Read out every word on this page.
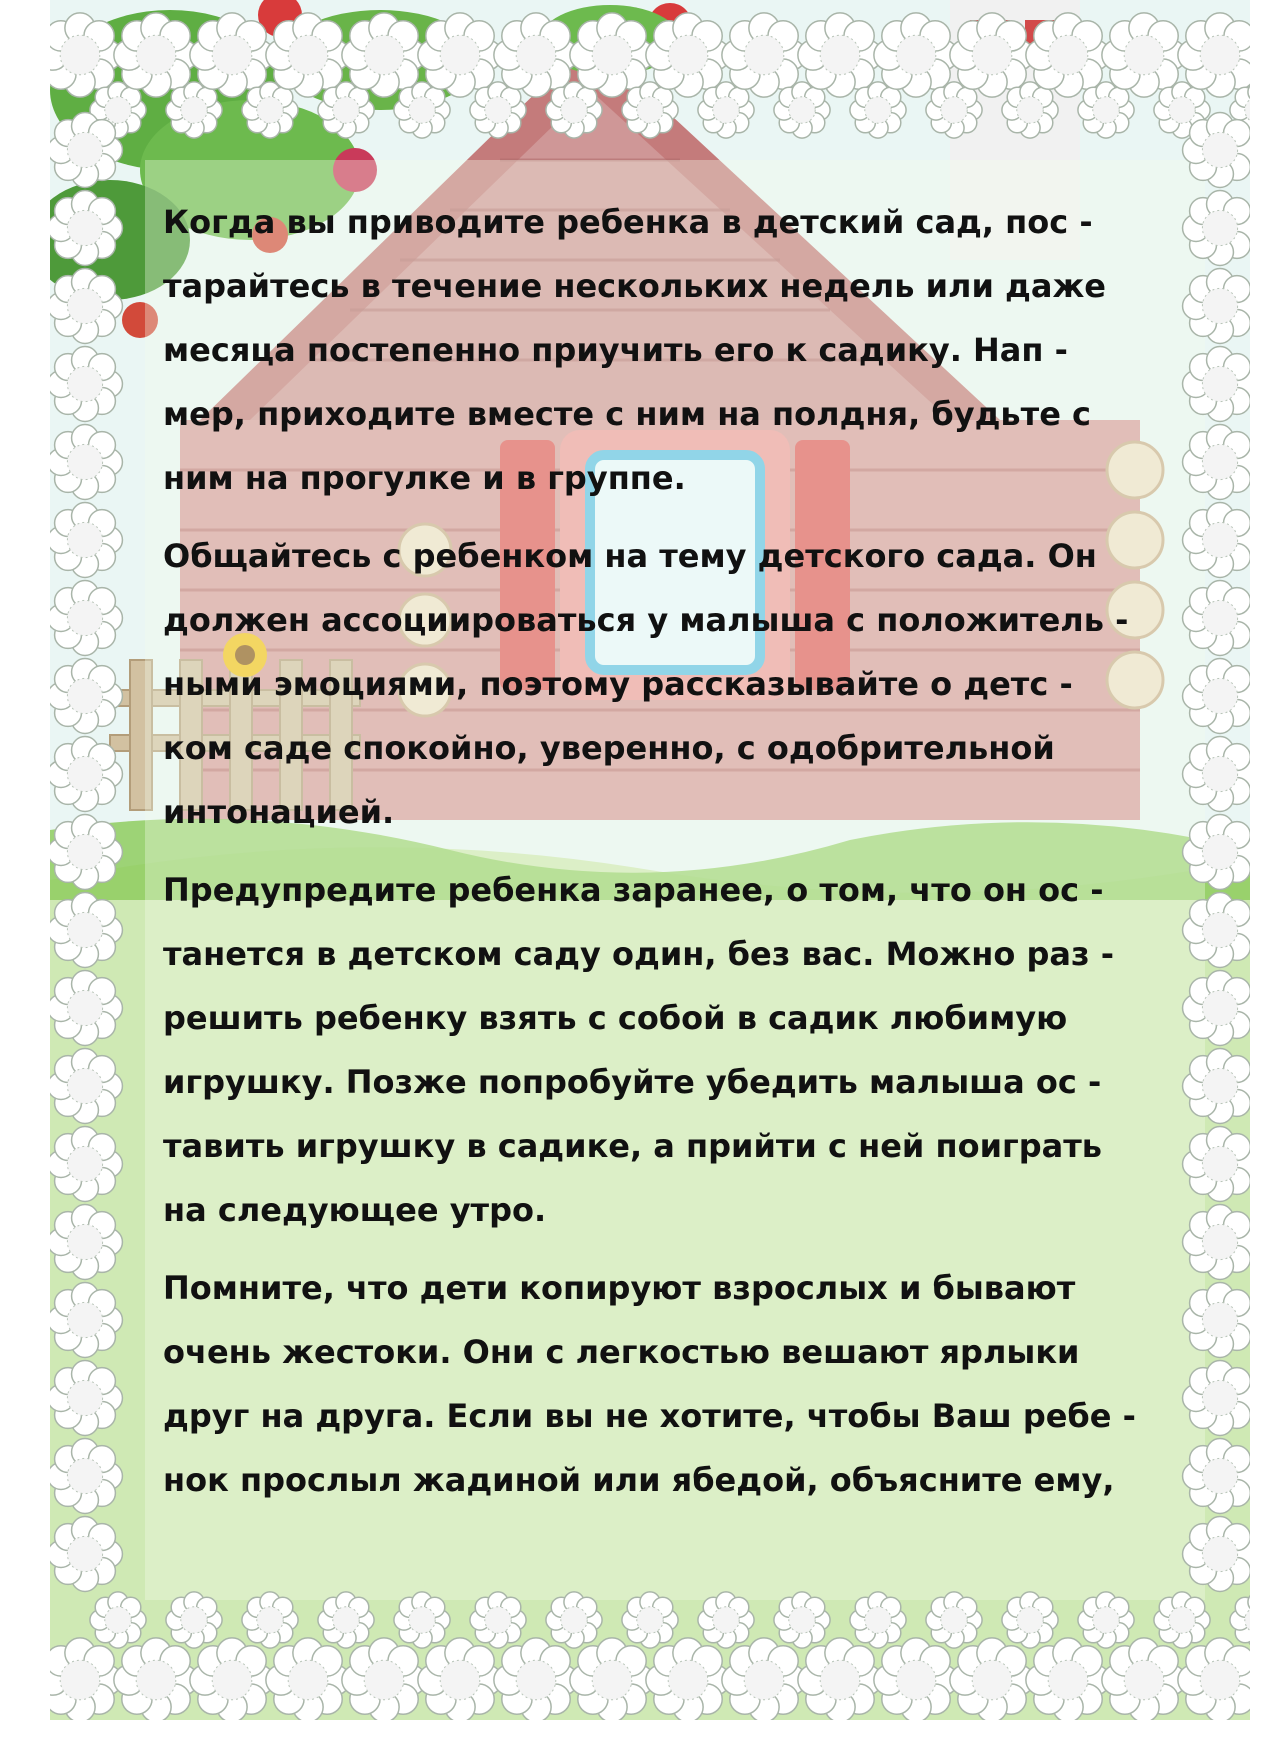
Когда вы приводите ребенка в детский сад, пос -
тарайтесь в течение нескольких недель или даже
месяца постепенно приучить его к садику. Нап -
мер, приходите вместе с ним на полдня, будьте с
ним на прогулке и в группе.
Общайтесь с ребенком на тему детского сада. Он
должен ассоциироваться у малыша с положитель -
ными эмоциями, поэтому рассказывайте о детс -
ком саде спокойно, уверенно, с одобрительной
интонацией.
Предупредите ребенка заранее, о том, что он ос -
танется в детском саду один, без вас. Можно раз -
решить ребенку взять с собой в садик любимую
игрушку. Позже попробуйте убедить малыша ос -
тавить игрушку в садике, а прийти с ней поиграть
на следующее утро.
Помните, что дети копируют взрослых и бывают
очень жестоки. Они с легкостью вешают ярлыки
друг на друга. Если вы не хотите, чтобы Ваш ребе -
нок прослыл жадиной или ябедой, объясните ему,
